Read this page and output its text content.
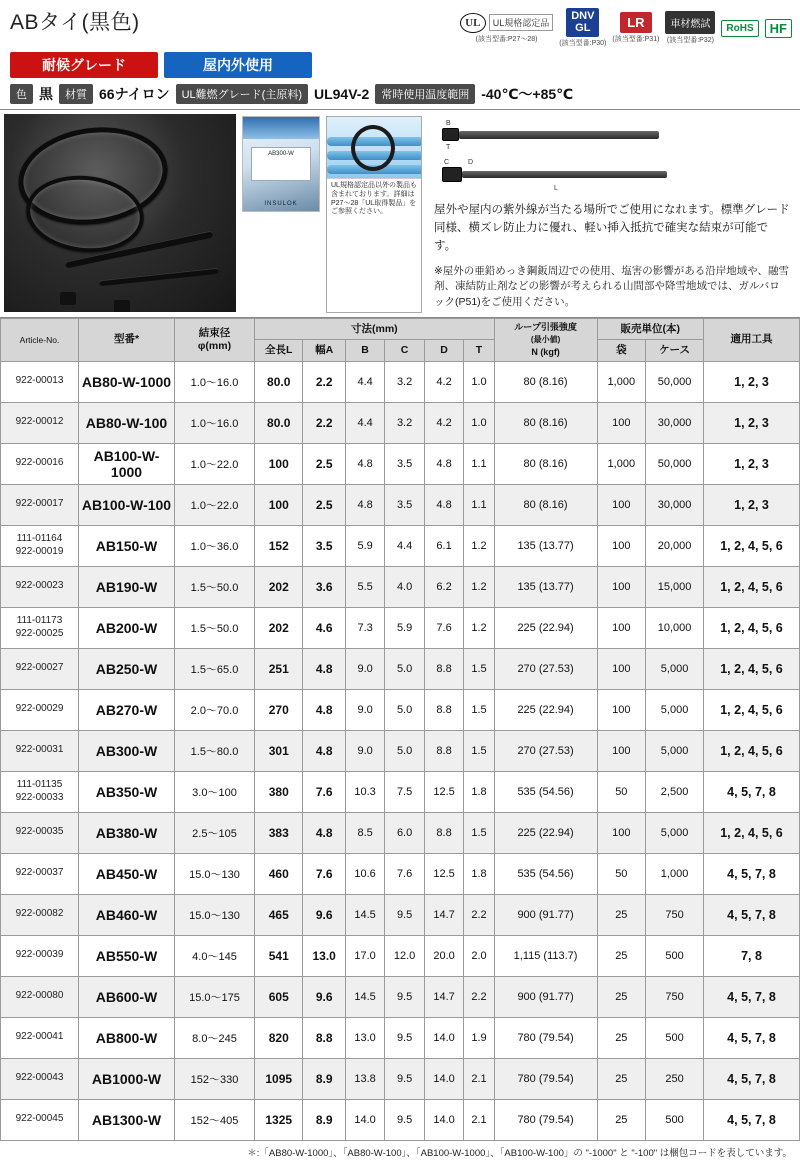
ABタイ(黒色)	UL	UL規格認定品
(該当型番:P27～28)
DNV
GL
(該当型番:P30)
LR
(該当型番:P31)
車材燃試
(該当型番:P32)
RoHS	HF
耐候グレード	屋内外使用
色 黒	材質 66ナイロン	UL難燃グレード(主原料) UL94V-2	常時使用温度範囲 -40℃～+85℃
AB300-W
INSULOK
UL規格認定品以外の製品も含まれております。詳細はP27～28「UL取得製品」をご参照ください。
B
T
C	D
L
屋外や屋内の紫外線が当たる場所でご使用になれます。標準グレード同様、横ズレ防止力に優れ、軽い挿入抵抗で確実な結束が可能です。
※屋外の亜鉛めっき鋼鈑周辺での使用、塩害の影響がある沿岸地域や、融雪剤、凍結防止剤などの影響が考えられる山間部や降雪地域では、ガルバロック(P51)をご使用ください。
Article-No.	型番*	結束径
φ(mm)	寸法(mm)						ループ引張強度
(最小値)
N (kgf)	販売単位(本)		適用工具
			全長L	幅A	B	C	D	T		袋	ケース	
922-00013	AB80-W-1000	1.0～16.0	80.0	2.2	4.4	3.2	4.2	1.0	80 (8.16)	1,000	50,000	1, 2, 3
922-00012	AB80-W-100	1.0～16.0	80.0	2.2	4.4	3.2	4.2	1.0	80 (8.16)	100	30,000	1, 2, 3
922-00016	AB100-W-1000	1.0～22.0	100	2.5	4.8	3.5	4.8	1.1	80 (8.16)	1,000	50,000	1, 2, 3
922-00017	AB100-W-100	1.0～22.0	100	2.5	4.8	3.5	4.8	1.1	80 (8.16)	100	30,000	1, 2, 3
111-01164
922-00019	AB150-W	1.0～36.0	152	3.5	5.9	4.4	6.1	1.2	135 (13.77)	100	20,000	1, 2, 4, 5, 6
922-00023	AB190-W	1.5～50.0	202	3.6	5.5	4.0	6.2	1.2	135 (13.77)	100	15,000	1, 2, 4, 5, 6
111-01173
922-00025	AB200-W	1.5～50.0	202	4.6	7.3	5.9	7.6	1.2	225 (22.94)	100	10,000	1, 2, 4, 5, 6
922-00027	AB250-W	1.5～65.0	251	4.8	9.0	5.0	8.8	1.5	270 (27.53)	100	5,000	1, 2, 4, 5, 6
922-00029	AB270-W	2.0～70.0	270	4.8	9.0	5.0	8.8	1.5	225 (22.94)	100	5,000	1, 2, 4, 5, 6
922-00031	AB300-W	1.5～80.0	301	4.8	9.0	5.0	8.8	1.5	270 (27.53)	100	5,000	1, 2, 4, 5, 6
111-01135
922-00033	AB350-W	3.0～100	380	7.6	10.3	7.5	12.5	1.8	535 (54.56)	50	2,500	4, 5, 7, 8
922-00035	AB380-W	2.5～105	383	4.8	8.5	6.0	8.8	1.5	225 (22.94)	100	5,000	1, 2, 4, 5, 6
922-00037	AB450-W	15.0～130	460	7.6	10.6	7.6	12.5	1.8	535 (54.56)	50	1,000	4, 5, 7, 8
922-00082	AB460-W	15.0～130	465	9.6	14.5	9.5	14.7	2.2	900 (91.77)	25	750	4, 5, 7, 8
922-00039	AB550-W	4.0～145	541	13.0	17.0	12.0	20.0	2.0	1,115 (113.7)	25	500	7, 8
922-00080	AB600-W	15.0～175	605	9.6	14.5	9.5	14.7	2.2	900 (91.77)	25	750	4, 5, 7, 8
922-00041	AB800-W	8.0～245	820	8.8	13.0	9.5	14.0	1.9	780 (79.54)	25	500	4, 5, 7, 8
922-00043	AB1000-W	152～330	1095	8.9	13.8	9.5	14.0	2.1	780 (79.54)	25	250	4, 5, 7, 8
922-00045	AB1300-W	152～405	1325	8.9	14.0	9.5	14.0	2.1	780 (79.54)	25	500	4, 5, 7, 8
＊:「AB80-W-1000」、「AB80-W-100」、「AB100-W-1000」、「AB100-W-100」の "-1000" と "-100" は梱包コードを表しています。
